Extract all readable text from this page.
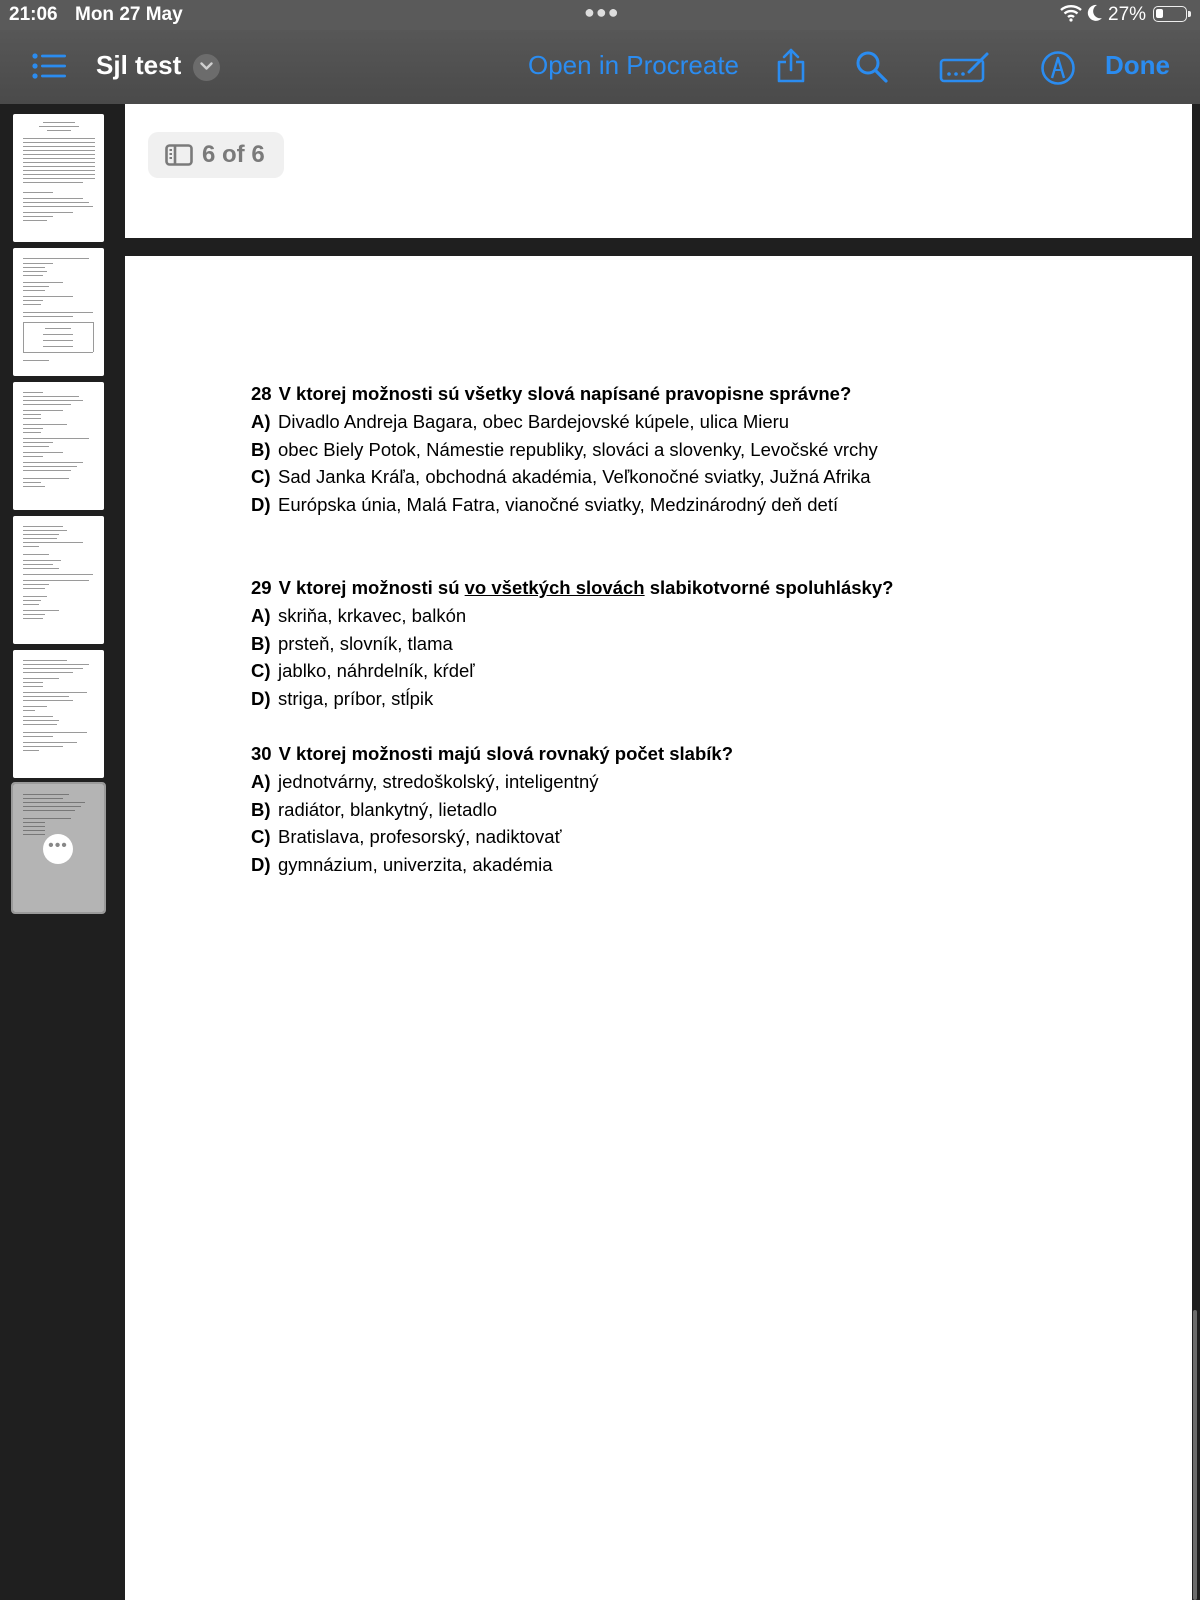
21:06 Mon 27 May	●●●	27%
Sjl test	Open in Procreate	Done
•••
6 of 6
28 V ktorej možnosti sú všetky slová napísané pravopisne správne?
A) Divadlo Andreja Bagara, obec Bardejovské kúpele, ulica Mieru
B) obec Biely Potok, Námestie republiky, slováci a slovenky, Levočské vrchy
C) Sad Janka Kráľa, obchodná akadémia, Veľkonočné sviatky, Južná Afrika
D) Európska únia, Malá Fatra, vianočné sviatky, Medzinárodný deň detí
29 V ktorej možnosti sú vo všetkých slovách slabikotvorné spoluhlásky?
A) skriňa, krkavec, balkón
B) prsteň, slovník, tlama
C) jablko, náhrdelník, kŕdeľ
D) striga, príbor, stĺpik
30 V ktorej možnosti majú slová rovnaký počet slabík?
A) jednotvárny, stredoškolský, inteligentný
B) radiátor, blankytný, lietadlo
C) Bratislava, profesorský, nadiktovať
D) gymnázium, univerzita, akadémia
